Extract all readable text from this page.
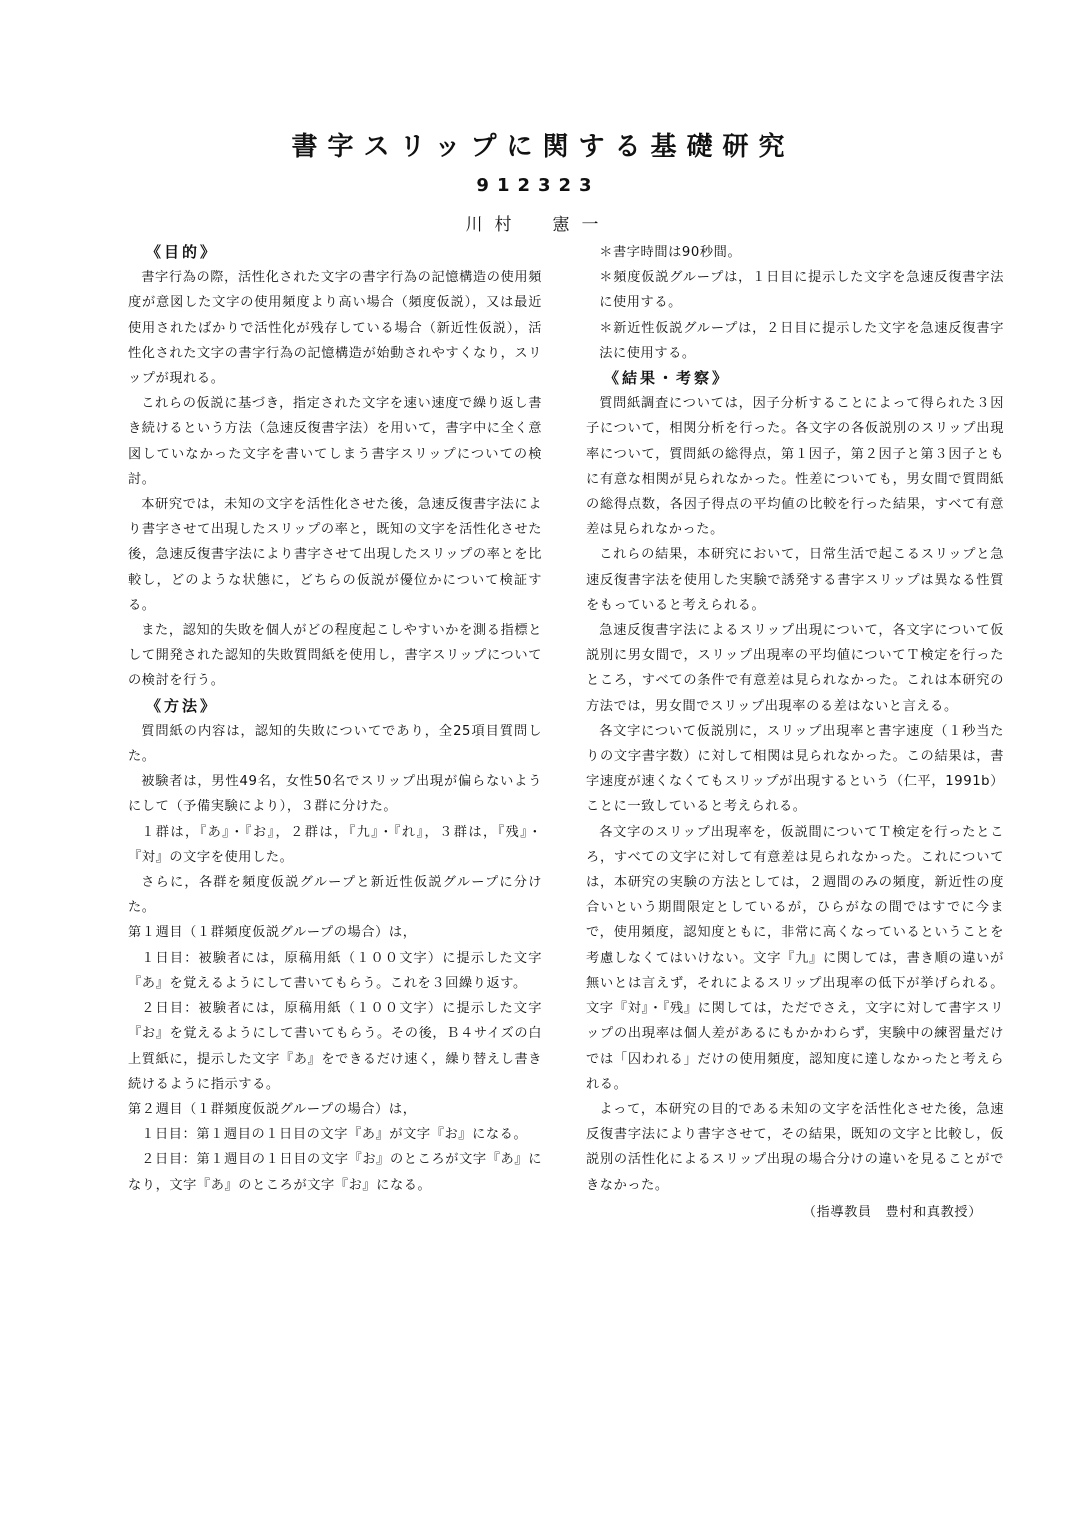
書字スリップに関する基礎研究
912323
川村　憲一
《目的》

書字行為の際，活性化された文字の書字行為の記憶構造の使用頻度が意図した文字の使用頻度より高い場合（頻度仮説），又は最近使用されたばかりで活性化が残存している場合（新近性仮説），活性化された文字の書字行為の記憶構造が始動されやすくなり，スリップが現れる。

これらの仮説に基づき，指定された文字を速い速度で繰り返し書き続けるという方法（急速反復書字法）を用いて，書字中に全く意図していなかった文字を書いてしまう書字スリップについての検討。

本研究では，未知の文字を活性化させた後，急速反復書字法により書字させて出現したスリップの率と，既知の文字を活性化させた後，急速反復書字法により書字させて出現したスリップの率とを比較し，どのような状態に，どちらの仮説が優位かについて検証する。

また，認知的失敗を個人がどの程度起こしやすいかを測る指標として開発された認知的失敗質問紙を使用し，書字スリップについての検討を行う。

《方法》

質問紙の内容は，認知的失敗についてであり，全25項目質問した。

被験者は，男性49名，女性50名でスリップ出現が偏らないようにして（予備実験により），３群に分けた。

１群は，『あ』・『お』，２群は，『九』・『れ』，３群は，『残』・『対』の文字を使用した。

さらに，各群を頻度仮説グループと新近性仮説グループに分けた。

第１週目（１群頻度仮説グループの場合）は，

１日目：被験者には，原稿用紙（１００文字）に提示した文字『あ』を覚えるようにして書いてもらう。これを３回繰り返す。

２日目：被験者には，原稿用紙（１００文字）に提示した文字『お』を覚えるようにして書いてもらう。その後，Ｂ４サイズの白上質紙に，提示した文字『あ』をできるだけ速く，繰り替えし書き続けるように指示する。

第２週目（１群頻度仮説グループの場合）は，

１日目：第１週目の１日目の文字『あ』が文字『お』になる。

２日目：第１週目の１日目の文字『お』のところが文字『あ』になり，文字『あ』のところが文字『お』になる。

＊書字時間は90秒間。

＊頻度仮説グループは，１日目に提示した文字を急速反復書字法に使用する。

＊新近性仮説グループは，２日目に提示した文字を急速反復書字法に使用する。

《結果・考察》

質問紙調査については，因子分析することによって得られた３因子について，相関分析を行った。各文字の各仮説別のスリップ出現率について，質問紙の総得点，第１因子，第２因子と第３因子ともに有意な相関が見られなかった。性差についても，男女間で質問紙の総得点数，各因子得点の平均値の比較を行った結果，すべて有意差は見られなかった。

これらの結果，本研究において，日常生活で起こるスリップと急速反復書字法を使用した実験で誘発する書字スリップは異なる性質をもっていると考えられる。

急速反復書字法によるスリップ出現について，各文字について仮説別に男女間で，スリップ出現率の平均値についてＴ検定を行ったところ，すべての条件で有意差は見られなかった。これは本研究の方法では，男女間でスリップ出現率のる差はないと言える。

各文字について仮説別に，スリップ出現率と書字速度（１秒当たりの文字書字数）に対して相関は見られなかった。この結果は，書字速度が速くなくてもスリップが出現するという（仁平，1991b）ことに一致していると考えられる。

各文字のスリップ出現率を，仮説間についてＴ検定を行ったところ，すべての文字に対して有意差は見られなかった。これについては，本研究の実験の方法としては，２週間のみの頻度，新近性の度合いという期間限定としているが，ひらがなの間ではすでに今まで，使用頻度，認知度ともに，非常に高くなっているということを考慮しなくてはいけない。文字『九』に関しては，書き順の違いが無いとは言えず，それによるスリップ出現率の低下が挙げられる。文字『対』・『残』に関しては，ただでさえ，文字に対して書字スリップの出現率は個人差があるにもかかわらず，実験中の練習量だけでは「囚われる」だけの使用頻度，認知度に達しなかったと考えられる。

よって，本研究の目的である未知の文字を活性化させた後，急速反復書字法により書字させて，その結果，既知の文字と比較し，仮説別の活性化によるスリップ出現の場合分けの違いを見ることができなかった。

（指導教員　豊村和真教授）
